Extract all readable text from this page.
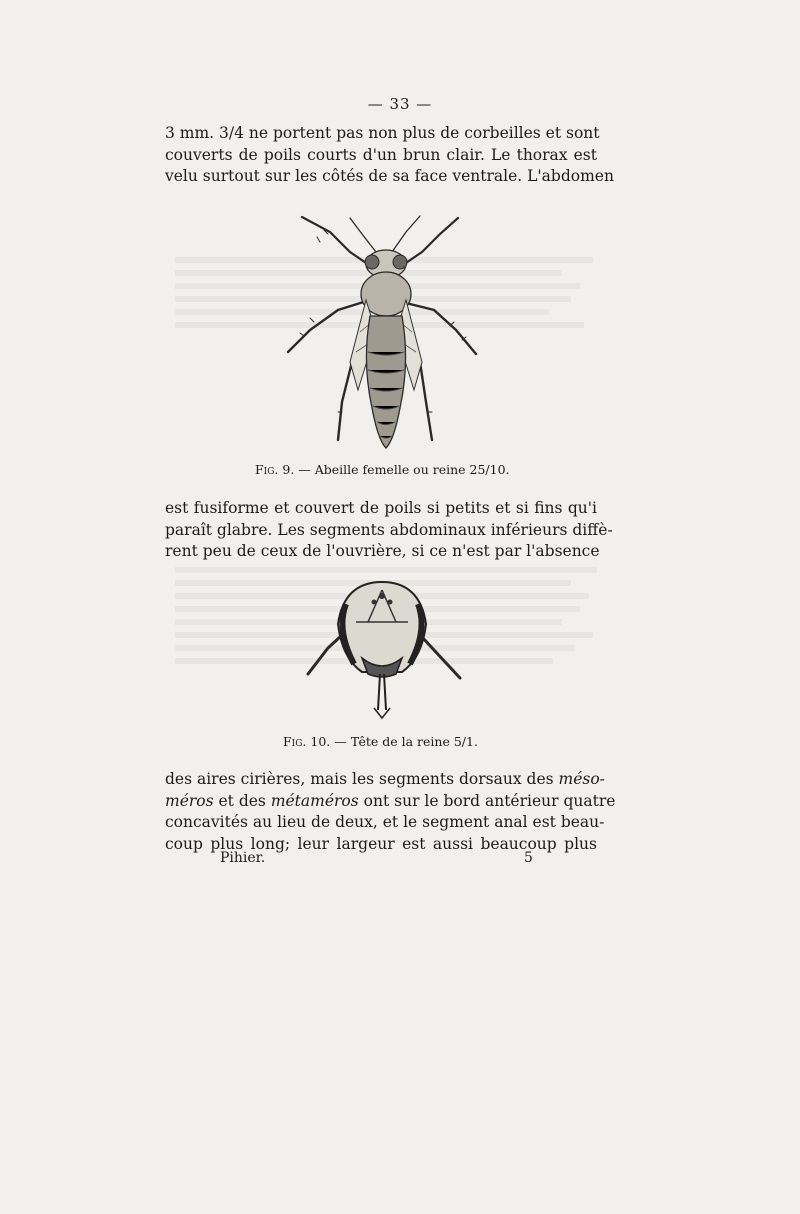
— 33 —
3 mm. 3/4 ne portent pas non plus de corbeilles et sont
couverts de poils courts d'un brun clair. Le thorax est
velu surtout sur les côtés de sa face ventrale. L'abdomen
Fig. 9. — Abeille femelle ou reine 25/10.
est fusiforme et couvert de poils si petits et si fins qu'i
paraît glabre. Les segments abdominaux inférieurs diffè-
rent peu de ceux de l'ouvrière, si ce n'est par l'absence
Fig. 10. — Tête de la reine 5/1.
des aires cirières, mais les segments dorsaux des méso-
méros et des métaméros ont sur le bord antérieur quatre
concavités au lieu de deux, et le segment anal est beau-
coup plus long; leur largeur est aussi beaucoup plus
Pihier.	5
